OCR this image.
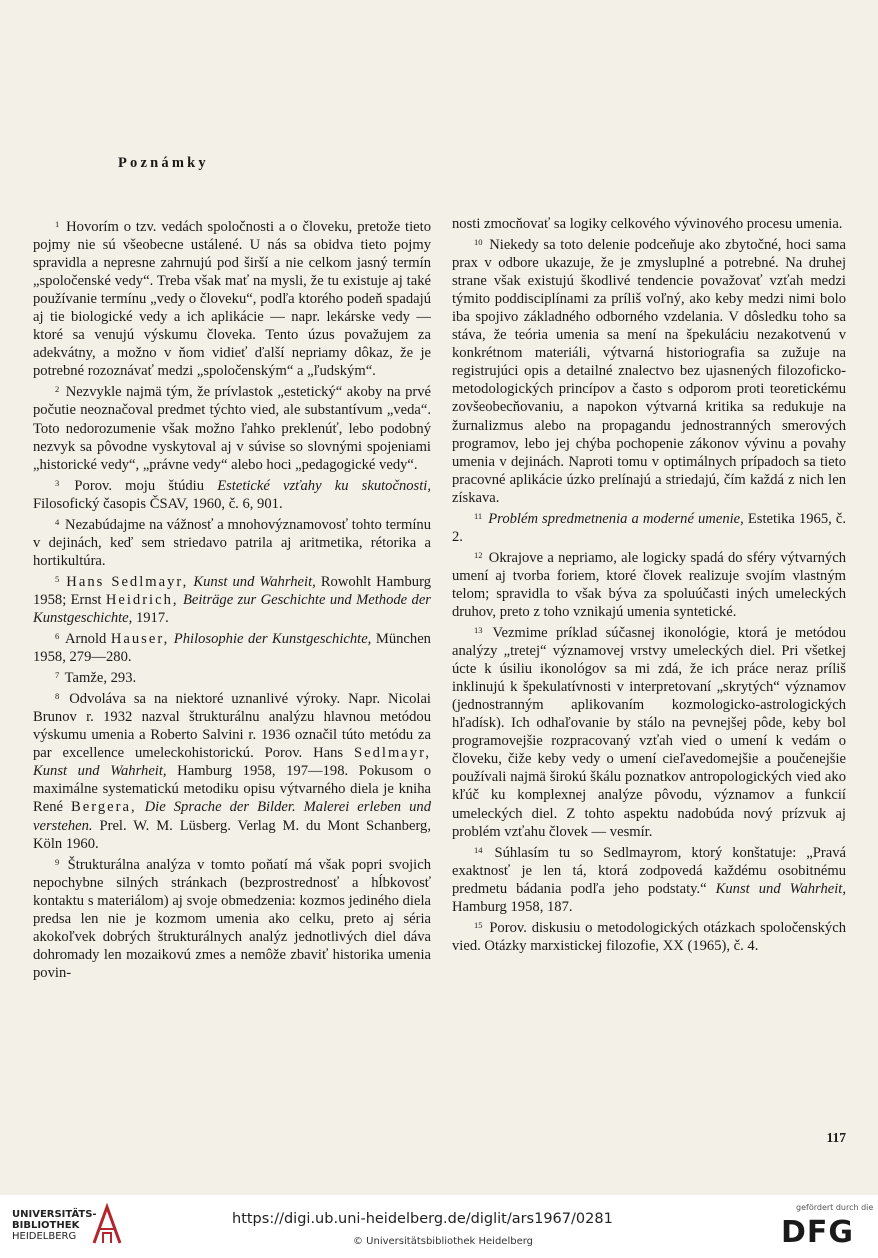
Poznámky

$^1$ Hovorím o tzv. vedách spoločnosti a o človeku, pretože tieto pojmy nie sú všeobecne ustálené. U nás sa obidva tieto pojmy spravidla a nepresne zahrnujú pod širší a nie celkom jasný termín „spoločenské vedy“. Treba však mať na mysli, že tu existuje aj také používanie termínu „vedy o človeku“, podľa ktorého podeň spadajú aj tie biologické vedy a ich aplikácie — napr. lekárske vedy — ktoré sa venujú výskumu človeka. Tento úzus považujem za adekvátny, a možno v ňom vidieť ďalší nepriamy dôkaz, že je potrebné rozoznávať medzi „spoločenským“ a „ľudským“.

$^2$ Nezvykle najmä tým, že prívlastok „estetický“ akoby na prvé počutie neoznačoval predmet týchto vied, ale substantívum „veda“. Toto nedorozumenie však možno ľahko preklenúť, lebo podobný nezvyk sa pôvodne vyskytoval aj v súvise so slovnými spojeniami „historické vedy“, „právne vedy“ alebo hoci „pedagogické vedy“.

$^3$ Porov. moju štúdiu Estetické vzťahy ku skutočnosti, Filosofický časopis ČSAV, 1960, č. 6, 901.

$^4$ Nezabúdajme na vážnosť a mnohovýznamovosť tohto termínu v dejinách, keď sem striedavo patrila aj aritmetika, rétorika a hortikultúra.

$^5$ Hans Sedlmayr, Kunst und Wahrheit, Rowohlt Hamburg 1958; Ernst Heidrich, Beiträge zur Geschichte und Methode der Kunstgeschichte, 1917.

$^6$ Arnold Hauser, Philosophie der Kunstgeschichte, München 1958, 279—280.

$^7$ Tamže, 293.

$^8$ Odvoláva sa na niektoré uznanlivé výroky. Napr. Nicolai Brunov r. 1932 nazval štrukturálnu analýzu hlavnou metódou výskumu umenia a Roberto Salvini r. 1936 označil túto metódu za par excellence umeleckohistorickú. Porov. Hans Sedlmayr, Kunst und Wahrheit, Hamburg 1958, 197—198. Pokusom o maximálne systematickú metodiku opisu výtvarného diela je kniha René Bergera, Die Sprache der Bilder. Malerei erleben und verstehen. Prel. W. M. Lüsberg. Verlag M. du Mont Schanberg, Köln 1960.

$^9$ Štrukturálna analýza v tomto poňatí má však popri svojich nepochybne silných stránkach (bezprostrednosť a hĺbkovosť kontaktu s materiálom) aj svoje obmedzenia: kozmos jediného diela predsa len nie je kozmom umenia ako celku, preto aj séria akokoľvek dobrých štrukturálnych analýz jednotlivých diel dáva dohromady len mozaikovú zmes a nemôže zbaviť historika umenia povin-

nosti zmocňovať sa logiky celkového vývinového procesu umenia.

$^{10}$ Niekedy sa toto delenie podceňuje ako zbytočné, hoci sama prax v odbore ukazuje, že je zmysluplné a potrebné. Na druhej strane však existujú škodlivé tendencie považovať vzťah medzi týmito poddisciplínami za príliš voľný, ako keby medzi nimi bolo iba spojivo základného odborného vzdelania. V dôsledku toho sa stáva, že teória umenia sa mení na špekuláciu nezakotvenú v konkrétnom materiáli, výtvarná historiografia sa zužuje na registrujúci opis a detailné znalectvo bez ujasnených filozoficko-metodologických princípov a často s odporom proti teoretickému zovšeobecňovaniu, a napokon výtvarná kritika sa redukuje na žurnalizmus alebo na propagandu jednostranných smerových programov, lebo jej chýba pochopenie zákonov vývinu a povahy umenia v dejinách. Naproti tomu v optimálnych prípadoch sa tieto pracovné aplikácie úzko prelínajú a striedajú, čím každá z nich len získava.

$^{11}$ Problém spredmetnenia a moderné umenie, Estetika 1965, č. 2.

$^{12}$ Okrajove a nepriamo, ale logicky spadá do sféry výtvarných umení aj tvorba foriem, ktoré človek realizuje svojím vlastným telom; spravidla to však býva za spoluúčasti iných umeleckých druhov, preto z toho vznikajú umenia syntetické.

$^{13}$ Vezmime príklad súčasnej ikonológie, ktorá je metódou analýzy „tretej“ významovej vrstvy umeleckých diel. Pri všetkej úcte k úsiliu ikonológov sa mi zdá, že ich práce neraz príliš inklinujú k špekulatívnosti v interpretovaní „skrytých“ významov (jednostranným aplikovaním kozmologicko-astrologických hľadísk). Ich odhaľovanie by stálo na pevnejšej pôde, keby bol programovejšie rozpracovaný vzťah vied o umení k vedám o človeku, čiže keby vedy o umení cieľavedomejšie a poučenejšie používali najmä širokú škálu poznatkov antropologických vied ako kľúč ku komplexnej analýze pôvodu, významov a funkcií umeleckých diel. Z tohto aspektu nadobúda nový prízvuk aj problém vzťahu človek — vesmír.

$^{14}$ Súhlasím tu so Sedlmayrom, ktorý konštatuje: „Pravá exaktnosť je len tá, ktorá zodpovedá každému osobitnému predmetu bádania podľa jeho podstaty.“ Kunst und Wahrheit, Hamburg 1958, 187.

$^{15}$ Porov. diskusiu o metodologických otázkach spoločenských vied. Otázky marxistickej filozofie, XX (1965), č. 4.

117
UNIVERSITÄTS-
BIBLIOTHEK
HEIDELBERG
https://digi.ub.uni-heidelberg.de/diglit/ars1967/0281
© Universitätsbibliothek Heidelberg
gefördert durch die
DFG
